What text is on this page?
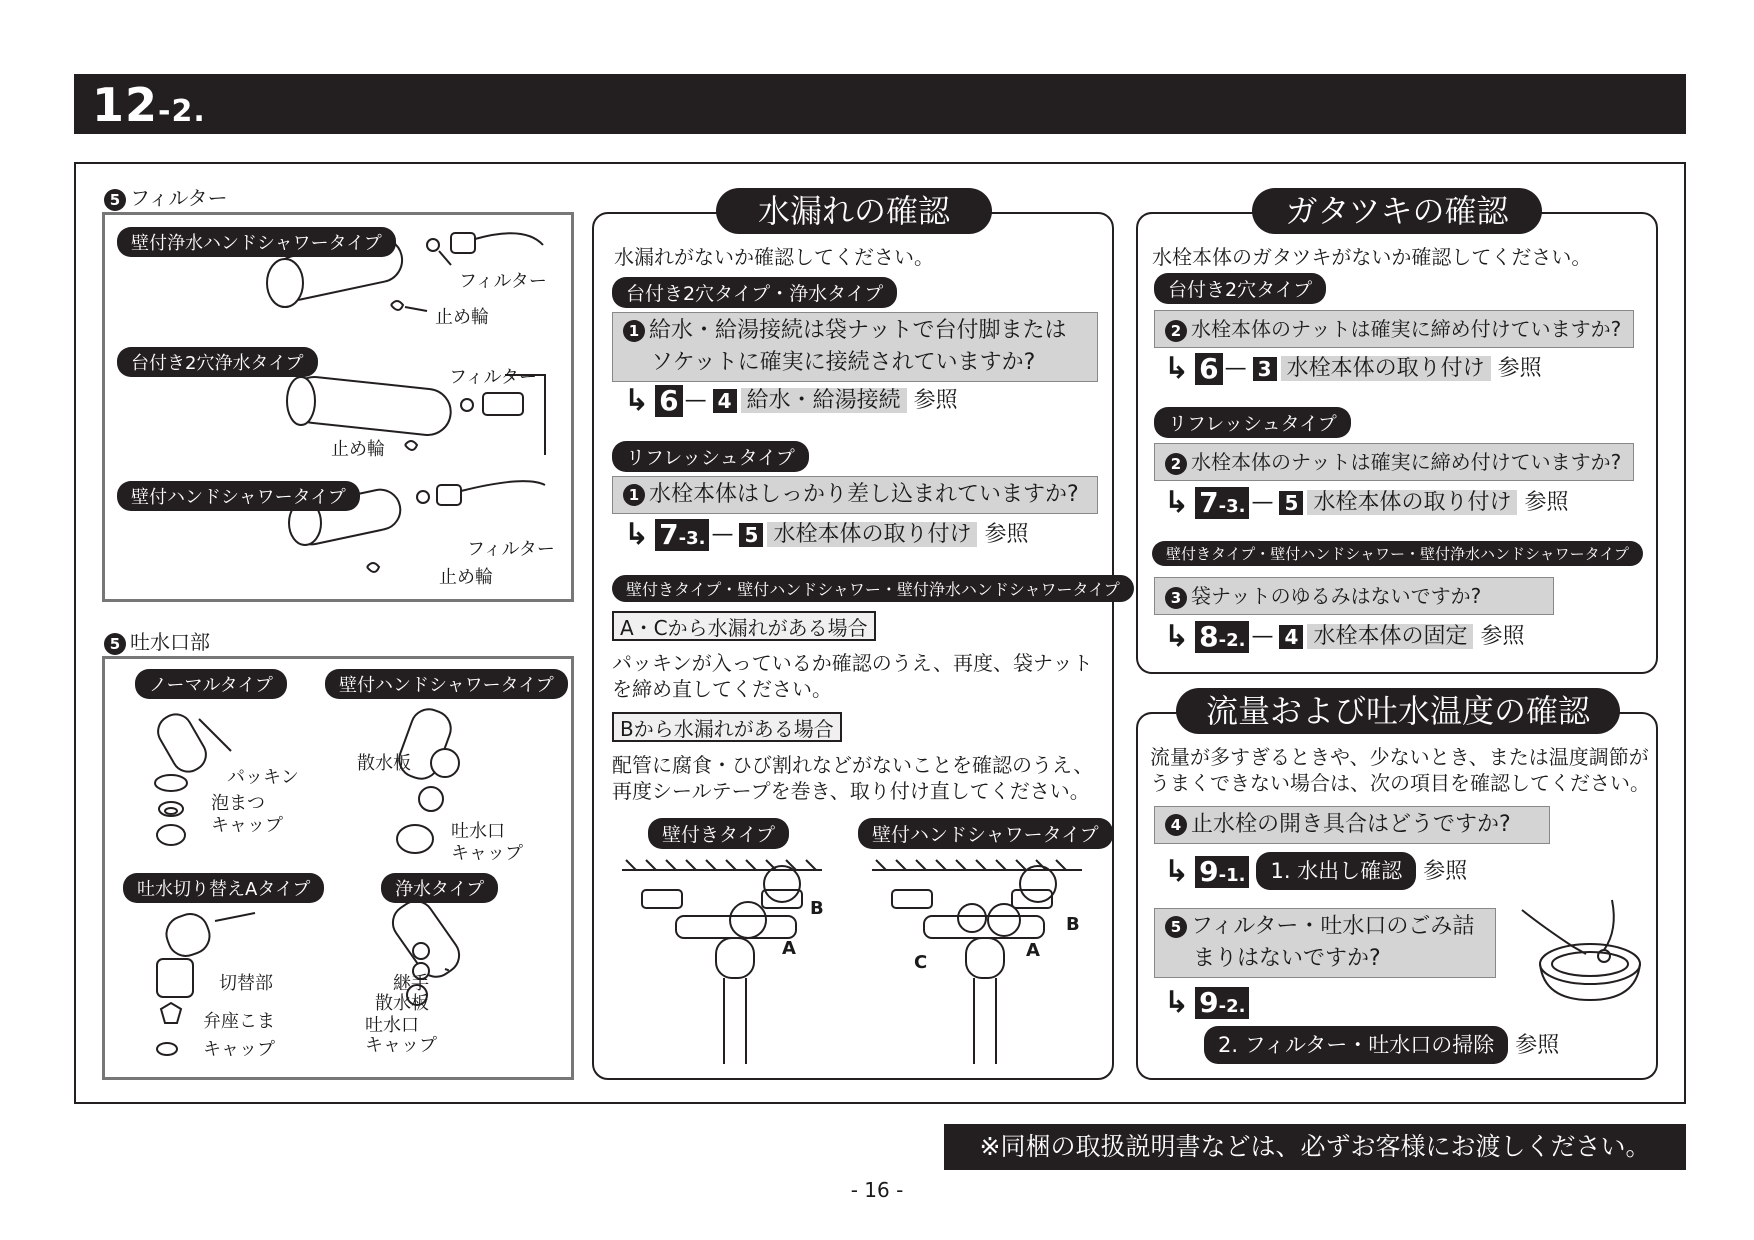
12-2.
5 フィルター
壁付浄水ハンドシャワータイプ
フィルター
止め輪
台付き2穴浄水タイプ
フィルター
止め輪
壁付ハンドシャワータイプ
フィルター
止め輪
5 吐水口部
ノーマルタイプ	壁付ハンドシャワータイプ
パッキン
泡まつ
キャップ
散水板
吐水口
キャップ
吐水切り替えAタイプ	浄水タイプ
切替部
弁座こま
キャップ
継手
散水板
吐水口
キャップ
水漏れの確認
水漏れがないか確認してください。
台付き2穴タイプ・浄水タイプ
1 給水・給湯接続は袋ナットで台付脚または
ソケットに確実に接続されていますか?
↳ 6 — 4 給水・給湯接続 参照
リフレッシュタイプ
1 水栓本体はしっかり差し込まれていますか?
↳ 7-3. — 5 水栓本体の取り付け 参照
壁付きタイプ・壁付ハンドシャワー・壁付浄水ハンドシャワータイプ
A・Cから水漏れがある場合
パッキンが入っているか確認のうえ、再度、袋ナット
を締め直してください。
Bから水漏れがある場合
配管に腐食・ひび割れなどがないことを確認のうえ、
再度シールテープを巻き、取り付け直してください。
壁付きタイプ	壁付ハンドシャワータイプ
B
A
B
A
C
ガタツキの確認
水栓本体のガタツキがないか確認してください。
台付き2穴タイプ
2 水栓本体のナットは確実に締め付けていますか?
↳ 6 — 3 水栓本体の取り付け 参照
リフレッシュタイプ
2 水栓本体のナットは確実に締め付けていますか?
↳ 7-3. — 5 水栓本体の取り付け 参照
壁付きタイプ・壁付ハンドシャワー・壁付浄水ハンドシャワータイプ
3 袋ナットのゆるみはないですか?
↳ 8-2. — 4 水栓本体の固定 参照
流量および吐水温度の確認
流量が多すぎるときや、少ないとき、または温度調節が
うまくできない場合は、次の項目を確認してください。
4 止水栓の開き具合はどうですか?
↳ 9-1. 1. 水出し確認 参照
5 フィルター・吐水口のごみ詰
まりはないですか?
↳ 9-2.
2. フィルター・吐水口の掃除 参照
※同梱の取扱説明書などは、必ずお客様にお渡しください。
- 16 -
